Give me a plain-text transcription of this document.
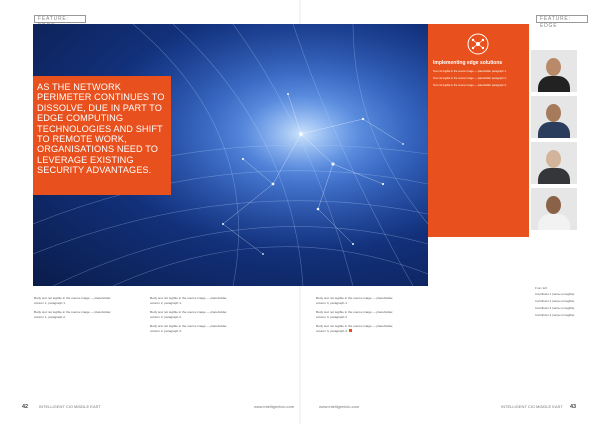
FEATURE:	FEATURE: EDGE
AS THE NETWORK PERIMETER CONTINUES TO DISSOLVE, DUE IN PART TO EDGE COMPUTING TECHNOLOGIES AND SHIFT TO REMOTE WORK, ORGANISATIONS NEED TO LEVERAGE EXISTING SECURITY ADVANTAGES.
Implementing edge solutions

Text not legible in the source image — placeholder paragraph 1.

Text not legible in the source image — placeholder paragraph 2.

Text not legible in the source image — placeholder paragraph 3.

From left:
Contributor 1 (name not legible)
Contributor 2 (name not legible)
Contributor 3 (name not legible)
Contributor 4 (name not legible)

Body text not legible in the source image — placeholder, column 1, paragraph 1.

Body text not legible in the source image — placeholder, column 1, paragraph 2.

Body text not legible in the source image — placeholder, column 2, paragraph 1.

Body text not legible in the source image — placeholder, column 2, paragraph 2.

Body text not legible in the source image — placeholder, column 2, paragraph 3.

Body text not legible in the source image — placeholder, column 3, paragraph 1.

Body text not legible in the source image — placeholder, column 3, paragraph 2.

Body text not legible in the source image — placeholder, column 3, paragraph 3.

42	INTELLIGENT CIO MIDDLE EAST	www.intelligentcio.com	www.intelligentcio.com	INTELLIGENT CIO MIDDLE EAST 43
